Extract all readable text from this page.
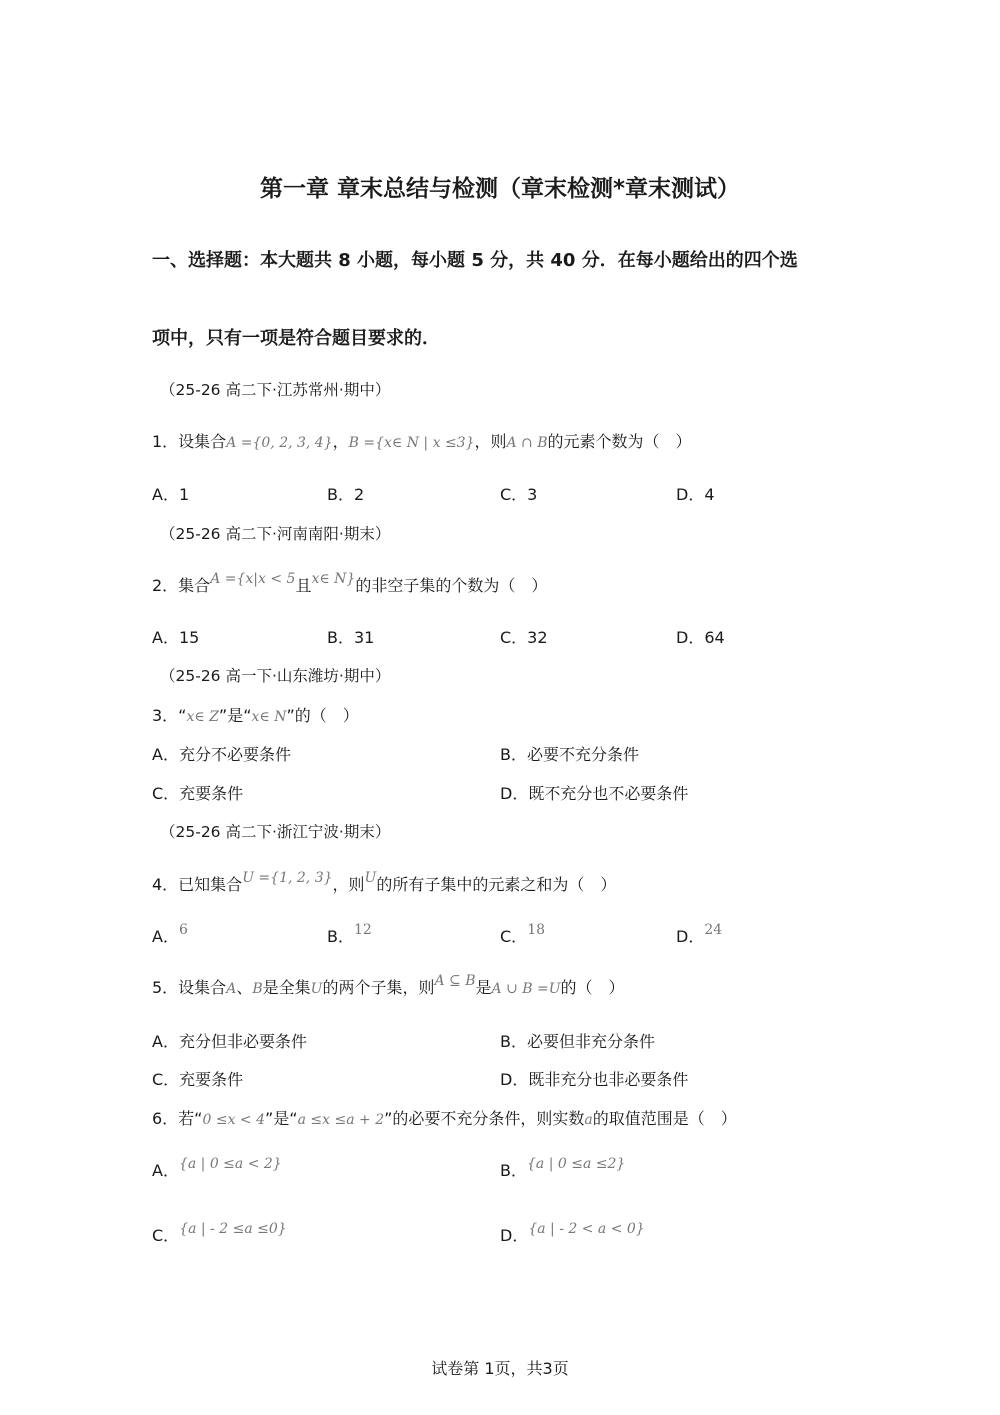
第一章 章末总结与检测（章末检测*章末测试）
一、选择题：本大题共 8 小题，每小题 5 分，共 40 分．在每小题给出的四个选
项中，只有一项是符合题目要求的．
（25-26 高二下·江苏常州·期中）
1．设集合A ={0, 2, 3, 4}，B ={x∈ N | x ≤3}，则A ∩ B的元素个数为（　）
A．1	B．2	C．3	D．4
（25-26 高二下·河南南阳·期末）
2．集合A ={x|x < 5且x∈ N}的非空子集的个数为（　）
A．15	B．31	C．32	D．64
（25-26 高一下·山东潍坊·期中）
3．“x∈ Z”是“x∈ N”的（　）
A．充分不必要条件	B．必要不充分条件
C．充要条件	D．既不充分也不必要条件
（25-26 高二下·浙江宁波·期末）
4．已知集合U ={1, 2, 3}，则U的所有子集中的元素之和为（　）
A．6	B．12	C．18	D．24
5．设集合A、B是全集U的两个子集，则A ⊆ B是A ∪ B =U的（　）
A．充分但非必要条件	B．必要但非充分条件
C．充要条件	D．既非充分也非必要条件
6．若“0 ≤x < 4”是“a ≤x ≤a + 2”的必要不充分条件，则实数a的取值范围是（　）
A．{a | 0 ≤a < 2}	B．{a | 0 ≤a ≤2}
C．{a | - 2 ≤a ≤0}	D．{a | - 2 < a < 0}
试卷第 1页，共3页
